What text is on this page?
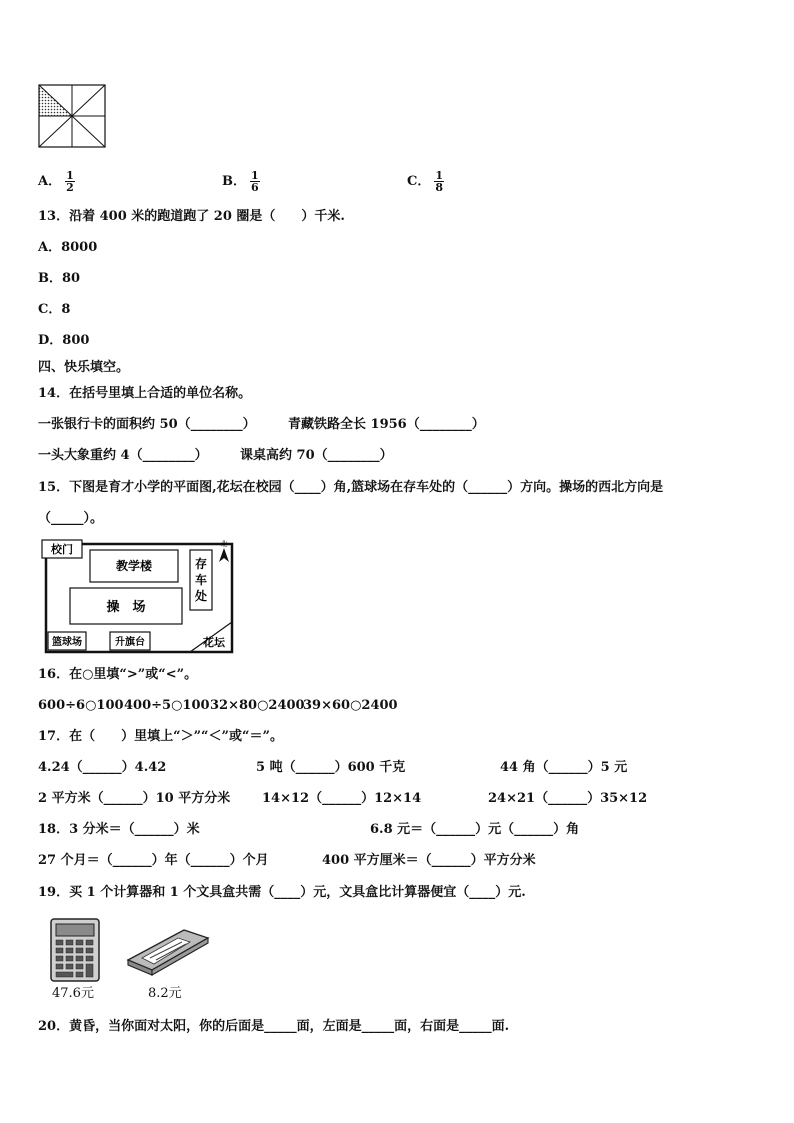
A． $\frac{1}{2}$	B． $\frac{1}{6}$	C． $\frac{1}{8}$
13．沿着 400 米的跑道跑了 20 圈是（　　）千米.
A．8000
B．80
C．8
D．800
四、快乐填空。
14．在括号里填上合适的单位名称。
一张银行卡的面积约 50（________） 青藏铁路全长 1956（________）
一头大象重约 4（________） 课桌高约 70（________）
15．下图是育才小学的平面图,花坛在校园（____）角,篮球场在存车处的（______）方向。操场的西北方向是
（_____）。
校门
教学楼	存
车
处
操　场
篮球场	升旗台	花坛
北
16．在○里填“>”或“<”。
600÷6○100 400÷5○100 32×80○2400
39×60○2400
17．在（　　）里填上“＞”“＜”或“＝”。
4.24（______）4.42	5 吨（______）600 千克	44 角（______）5 元
2 平方米（______）10 平方分米 14×12（______）12×14	24×21（______）35×12
18．3 分米＝（______）米	6.8 元＝（______）元（______）角
27 个月＝（______）年（______）个月	400 平方厘米＝（______）平方分米
19．买 1 个计算器和 1 个文具盒共需（____）元，文具盒比计算器便宜（____）元.
47.6元	8.2元
20．黄昏，当你面对太阳，你的后面是_____面，左面是_____面，右面是_____面.
